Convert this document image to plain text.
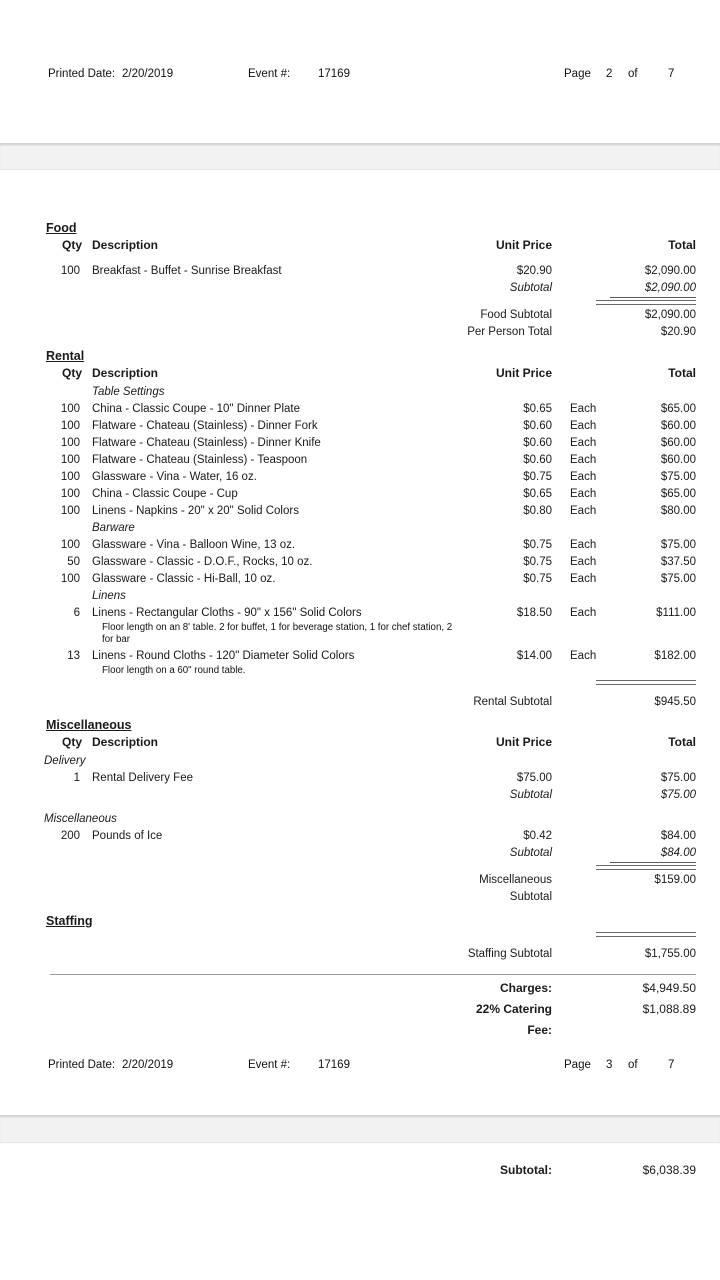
Printed Date: 2/20/2019	Event #: 17169	Page 2 of	7
Food
Qty	Description	Unit Price		Total

100	Breakfast - Buffet - Sunrise Breakfast	$20.90		$2,090.00
		Subtotal		$2,090.00

		Food Subtotal		$2,090.00
		Per Person Total		$20.90
Rental
Qty	Description	Unit Price		Total
	Table Settings			
100	China - Classic Coupe - 10" Dinner Plate	$0.65	Each	$65.00
100	Flatware - Chateau (Stainless) - Dinner Fork	$0.60	Each	$60.00
100	Flatware - Chateau (Stainless) - Dinner Knife	$0.60	Each	$60.00
100	Flatware - Chateau (Stainless) - Teaspoon	$0.60	Each	$60.00
100	Glassware - Vina - Water, 16 oz.	$0.75	Each	$75.00
100	China - Classic Coupe - Cup	$0.65	Each	$65.00
100	Linens - Napkins - 20" x 20" Solid Colors	$0.80	Each	$80.00
	Barware			
100	Glassware - Vina - Balloon Wine, 13 oz.	$0.75	Each	$75.00
50	Glassware - Classic - D.O.F., Rocks, 10 oz.	$0.75	Each	$37.50
100	Glassware - Classic - Hi-Ball, 10 oz.	$0.75	Each	$75.00
	Linens			
6	Linens - Rectangular Cloths - 90" x 156" Solid Colors	$18.50	Each	$111.00

	Floor length on an 8' table. 2 for buffet, 1 for beverage station, 1 for chef station, 2 for bar			

13	Linens - Round Cloths - 120" Diameter Solid Colors	$14.00	Each	$182.00

	Floor length on a 60" round table.			

		Rental Subtotal		$945.50
Miscellaneous
Qty	Description	Unit Price		Total
Delivery				
1	Rental Delivery Fee	$75.00		$75.00
		Subtotal		$75.00

Miscellaneous				
200	Pounds of Ice	$0.42		$84.00
		Subtotal		$84.00

		Miscellaneous Subtotal		$159.00
Staffing

		Staffing Subtotal		$1,755.00
		Charges:		$4,949.50
		22% Catering Fee:		$1,088.89
Printed Date: 2/20/2019	Event #: 17169	Page 3 of	7
		Subtotal:		$6,038.39
